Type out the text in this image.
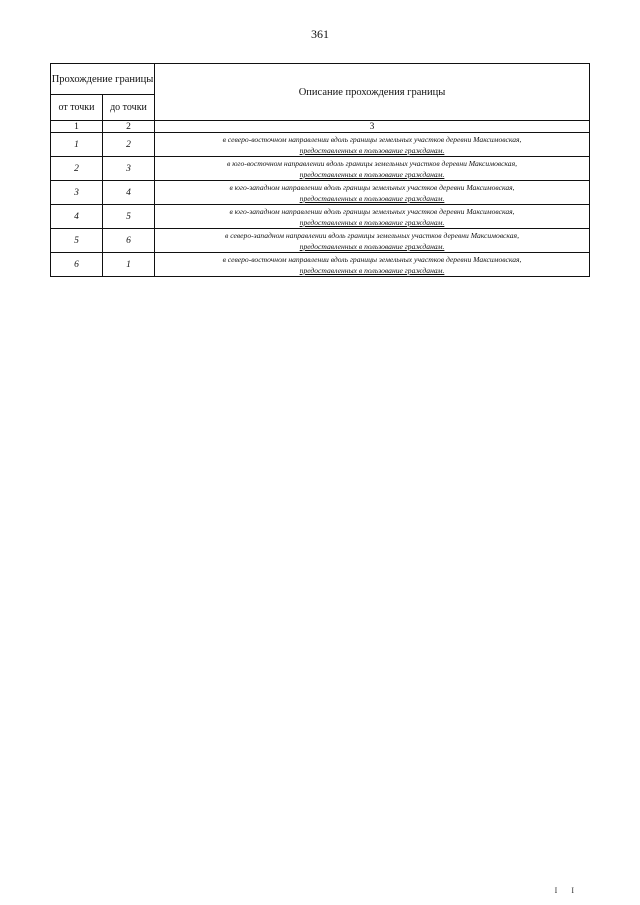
361
Прохождение границы		Описание прохождения границы
от точки	до точки	
1	2	3
1	2	в северо-восточном направлении вдоль границы земельных участков деревни Максимовская,
предоставленных в пользование гражданам.

2	3	в юго-восточном направлении вдоль границы земельных участков деревни Максимовская,
предоставленных в пользование гражданам.

3	4	в юго-западном направлении вдоль границы земельных участков деревни Максимовская,
предоставленных в пользование гражданам.

4	5	в юго-западном направлении вдоль границы земельных участков деревни Максимовская,
предоставленных в пользование гражданам.

5	6	в северо-западном направлении вдоль границы земельных участков деревни Максимовская,
предоставленных в пользование гражданам.

6	1	в северо-восточном направлении вдоль границы земельных участков деревни Максимовская,
предоставленных в пользование гражданам.
I I
